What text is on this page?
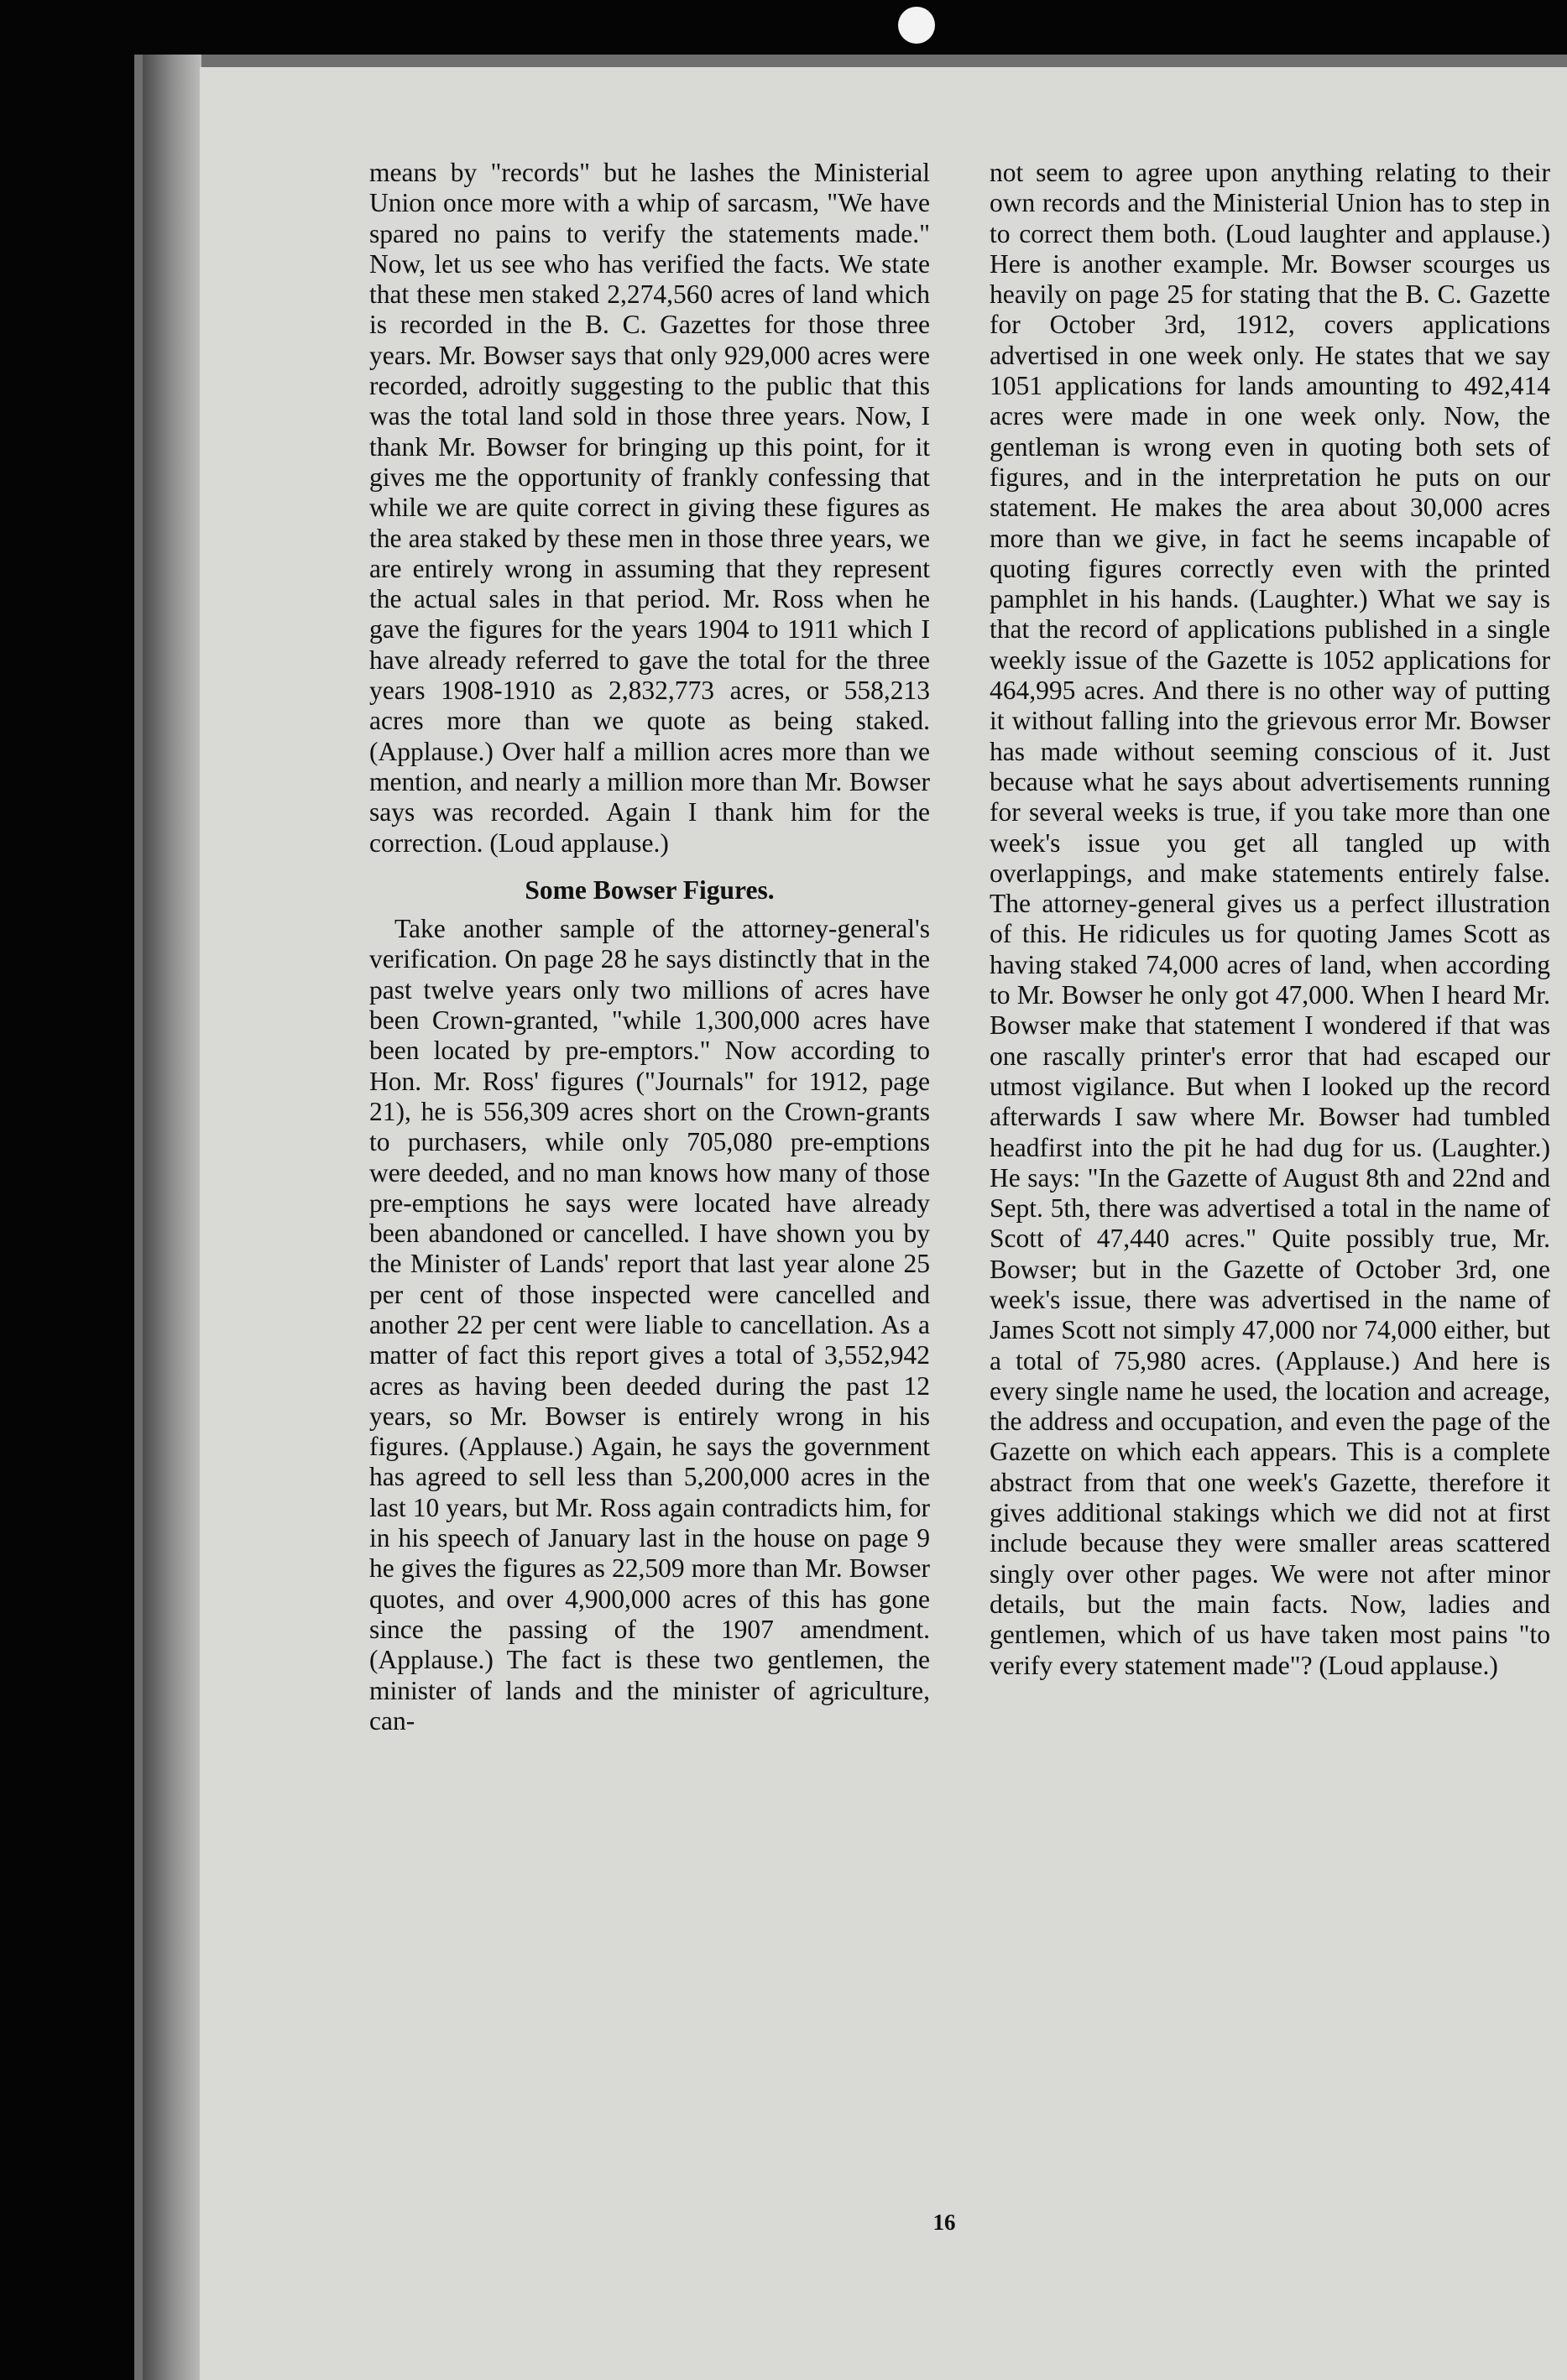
means by "records" but he lashes the Ministerial Union once more with a whip of sarcasm, "We have spared no pains to verify the statements made." Now, let us see who has verified the facts. We state that these men staked 2,274,560 acres of land which is recorded in the B. C. Gazettes for those three years. Mr. Bowser says that only 929,000 acres were recorded, adroitly suggesting to the public that this was the total land sold in those three years. Now, I thank Mr. Bowser for bringing up this point, for it gives me the opportunity of frankly confessing that while we are quite correct in giving these figures as the area staked by these men in those three years, we are entirely wrong in assuming that they represent the actual sales in that period. Mr. Ross when he gave the figures for the years 1904 to 1911 which I have already referred to gave the total for the three years 1908-1910 as 2,832,773 acres, or 558,213 acres more than we quote as being staked. (Applause.) Over half a million acres more than we mention, and nearly a million more than Mr. Bowser says was recorded. Again I thank him for the correction. (Loud applause.)

Some Bowser Figures.

Take another sample of the attorney-general's verification. On page 28 he says distinctly that in the past twelve years only two millions of acres have been Crown-granted, "while 1,300,000 acres have been located by pre-emptors." Now according to Hon. Mr. Ross' figures ("Journals" for 1912, page 21), he is 556,309 acres short on the Crown-grants to purchasers, while only 705,080 pre-emptions were deeded, and no man knows how many of those pre-emptions he says were located have already been abandoned or cancelled. I have shown you by the Minister of Lands' report that last year alone 25 per cent of those inspected were cancelled and another 22 per cent were liable to cancellation. As a matter of fact this report gives a total of 3,552,942 acres as having been deeded during the past 12 years, so Mr. Bowser is entirely wrong in his figures. (Applause.) Again, he says the government has agreed to sell less than 5,200,000 acres in the last 10 years, but Mr. Ross again contradicts him, for in his speech of January last in the house on page 9 he gives the figures as 22,509 more than Mr. Bowser quotes, and over 4,900,000 acres of this has gone since the passing of the 1907 amendment. (Applause.) The fact is these two gentlemen, the minister of lands and the minister of agriculture, can-

not seem to agree upon anything relating to their own records and the Ministerial Union has to step in to correct them both. (Loud laughter and applause.) Here is another example. Mr. Bowser scourges us heavily on page 25 for stating that the B. C. Gazette for October 3rd, 1912, covers applications advertised in one week only. He states that we say 1051 applications for lands amounting to 492,414 acres were made in one week only. Now, the gentleman is wrong even in quoting both sets of figures, and in the interpretation he puts on our statement. He makes the area about 30,000 acres more than we give, in fact he seems incapable of quoting figures correctly even with the printed pamphlet in his hands. (Laughter.) What we say is that the record of applications published in a single weekly issue of the Gazette is 1052 applications for 464,995 acres. And there is no other way of putting it without falling into the grievous error Mr. Bowser has made without seeming conscious of it. Just because what he says about advertisements running for several weeks is true, if you take more than one week's issue you get all tangled up with overlappings, and make statements entirely false. The attorney-general gives us a perfect illustration of this. He ridicules us for quoting James Scott as having staked 74,000 acres of land, when according to Mr. Bowser he only got 47,000. When I heard Mr. Bowser make that statement I wondered if that was one rascally printer's error that had escaped our utmost vigilance. But when I looked up the record afterwards I saw where Mr. Bowser had tumbled headfirst into the pit he had dug for us. (Laughter.) He says: "In the Gazette of August 8th and 22nd and Sept. 5th, there was advertised a total in the name of Scott of 47,440 acres." Quite possibly true, Mr. Bowser; but in the Gazette of October 3rd, one week's issue, there was advertised in the name of James Scott not simply 47,000 nor 74,000 either, but a total of 75,980 acres. (Applause.) And here is every single name he used, the location and acreage, the address and occupation, and even the page of the Gazette on which each appears. This is a complete abstract from that one week's Gazette, therefore it gives additional stakings which we did not at first include because they were smaller areas scattered singly over other pages. We were not after minor details, but the main facts. Now, ladies and gentlemen, which of us have taken most pains "to verify every statement made"? (Loud applause.)

16
